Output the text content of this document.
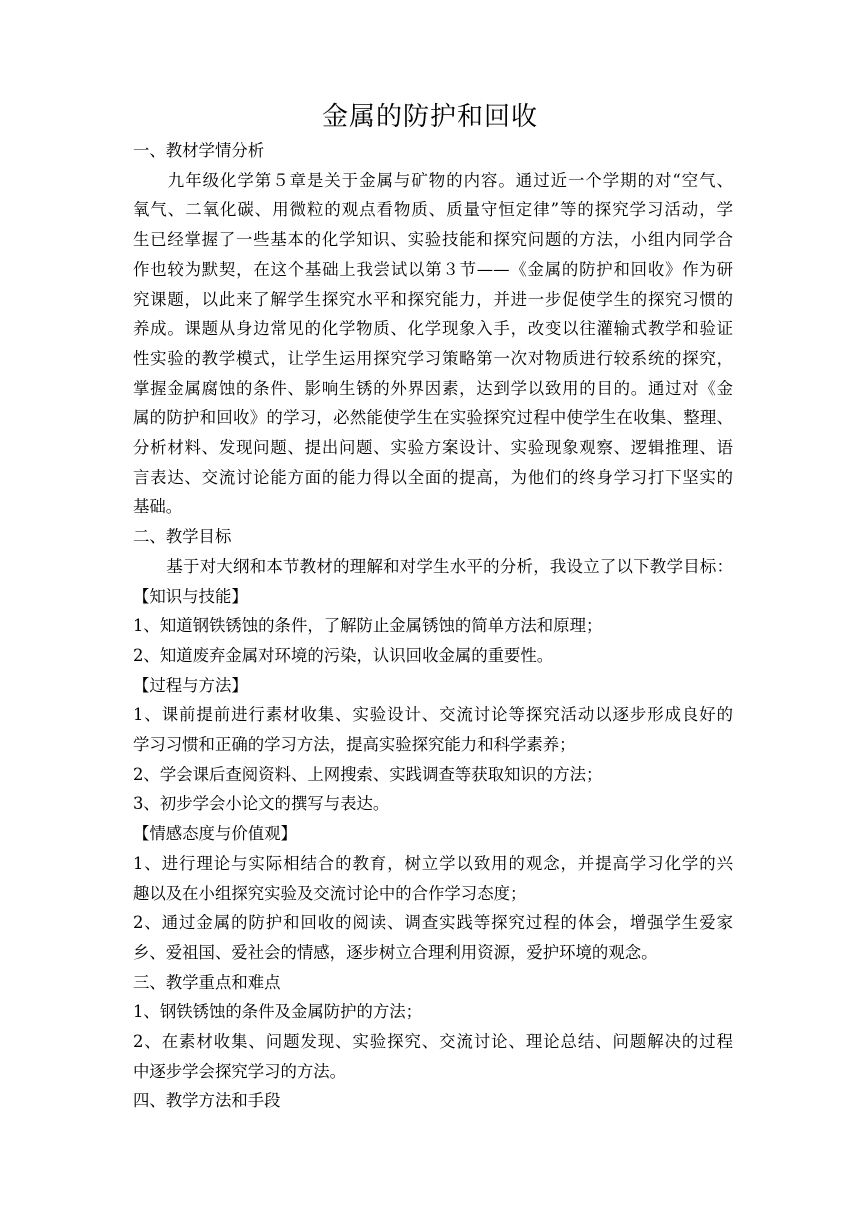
金属的防护和回收
一、教材学情分析
　　九年级化学第５章是关于金属与矿物的内容。通过近一个学期的对“空气、
氧气、二氧化碳、用微粒的观点看物质、质量守恒定律”等的探究学习活动，学
生已经掌握了一些基本的化学知识、实验技能和探究问题的方法，小组内同学合
作也较为默契，在这个基础上我尝试以第３节——《金属的防护和回收》作为研
究课题，以此来了解学生探究水平和探究能力，并进一步促使学生的探究习惯的
养成。课题从身边常见的化学物质、化学现象入手，改变以往灌输式教学和验证
性实验的教学模式，让学生运用探究学习策略第一次对物质进行较系统的探究，
掌握金属腐蚀的条件、影响生锈的外界因素，达到学以致用的目的。通过对《金
属的防护和回收》的学习，必然能使学生在实验探究过程中使学生在收集、整理、
分析材料、发现问题、提出问题、实验方案设计、实验现象观察、逻辑推理、语
言表达、交流讨论能方面的能力得以全面的提高，为他们的终身学习打下坚实的
基础。
二、教学目标
　　基于对大纲和本节教材的理解和对学生水平的分析，我设立了以下教学目标：
【知识与技能】
1、知道钢铁锈蚀的条件，了解防止金属锈蚀的简单方法和原理；
2、知道废弃金属对环境的污染，认识回收金属的重要性。
【过程与方法】
1、课前提前进行素材收集、实验设计、交流讨论等探究活动以逐步形成良好的
学习习惯和正确的学习方法，提高实验探究能力和科学素养；
2、学会课后查阅资料、上网搜索、实践调查等获取知识的方法；
3、初步学会小论文的撰写与表达。
【情感态度与价值观】
1、进行理论与实际相结合的教育，树立学以致用的观念，并提高学习化学的兴
趣以及在小组探究实验及交流讨论中的合作学习态度；
2、通过金属的防护和回收的阅读、调查实践等探究过程的体会，增强学生爱家
乡、爱祖国、爱社会的情感，逐步树立合理利用资源，爱护环境的观念。
三、教学重点和难点
1、钢铁锈蚀的条件及金属防护的方法；
2、在素材收集、问题发现、实验探究、交流讨论、理论总结、问题解决的过程
中逐步学会探究学习的方法。
四、教学方法和手段
